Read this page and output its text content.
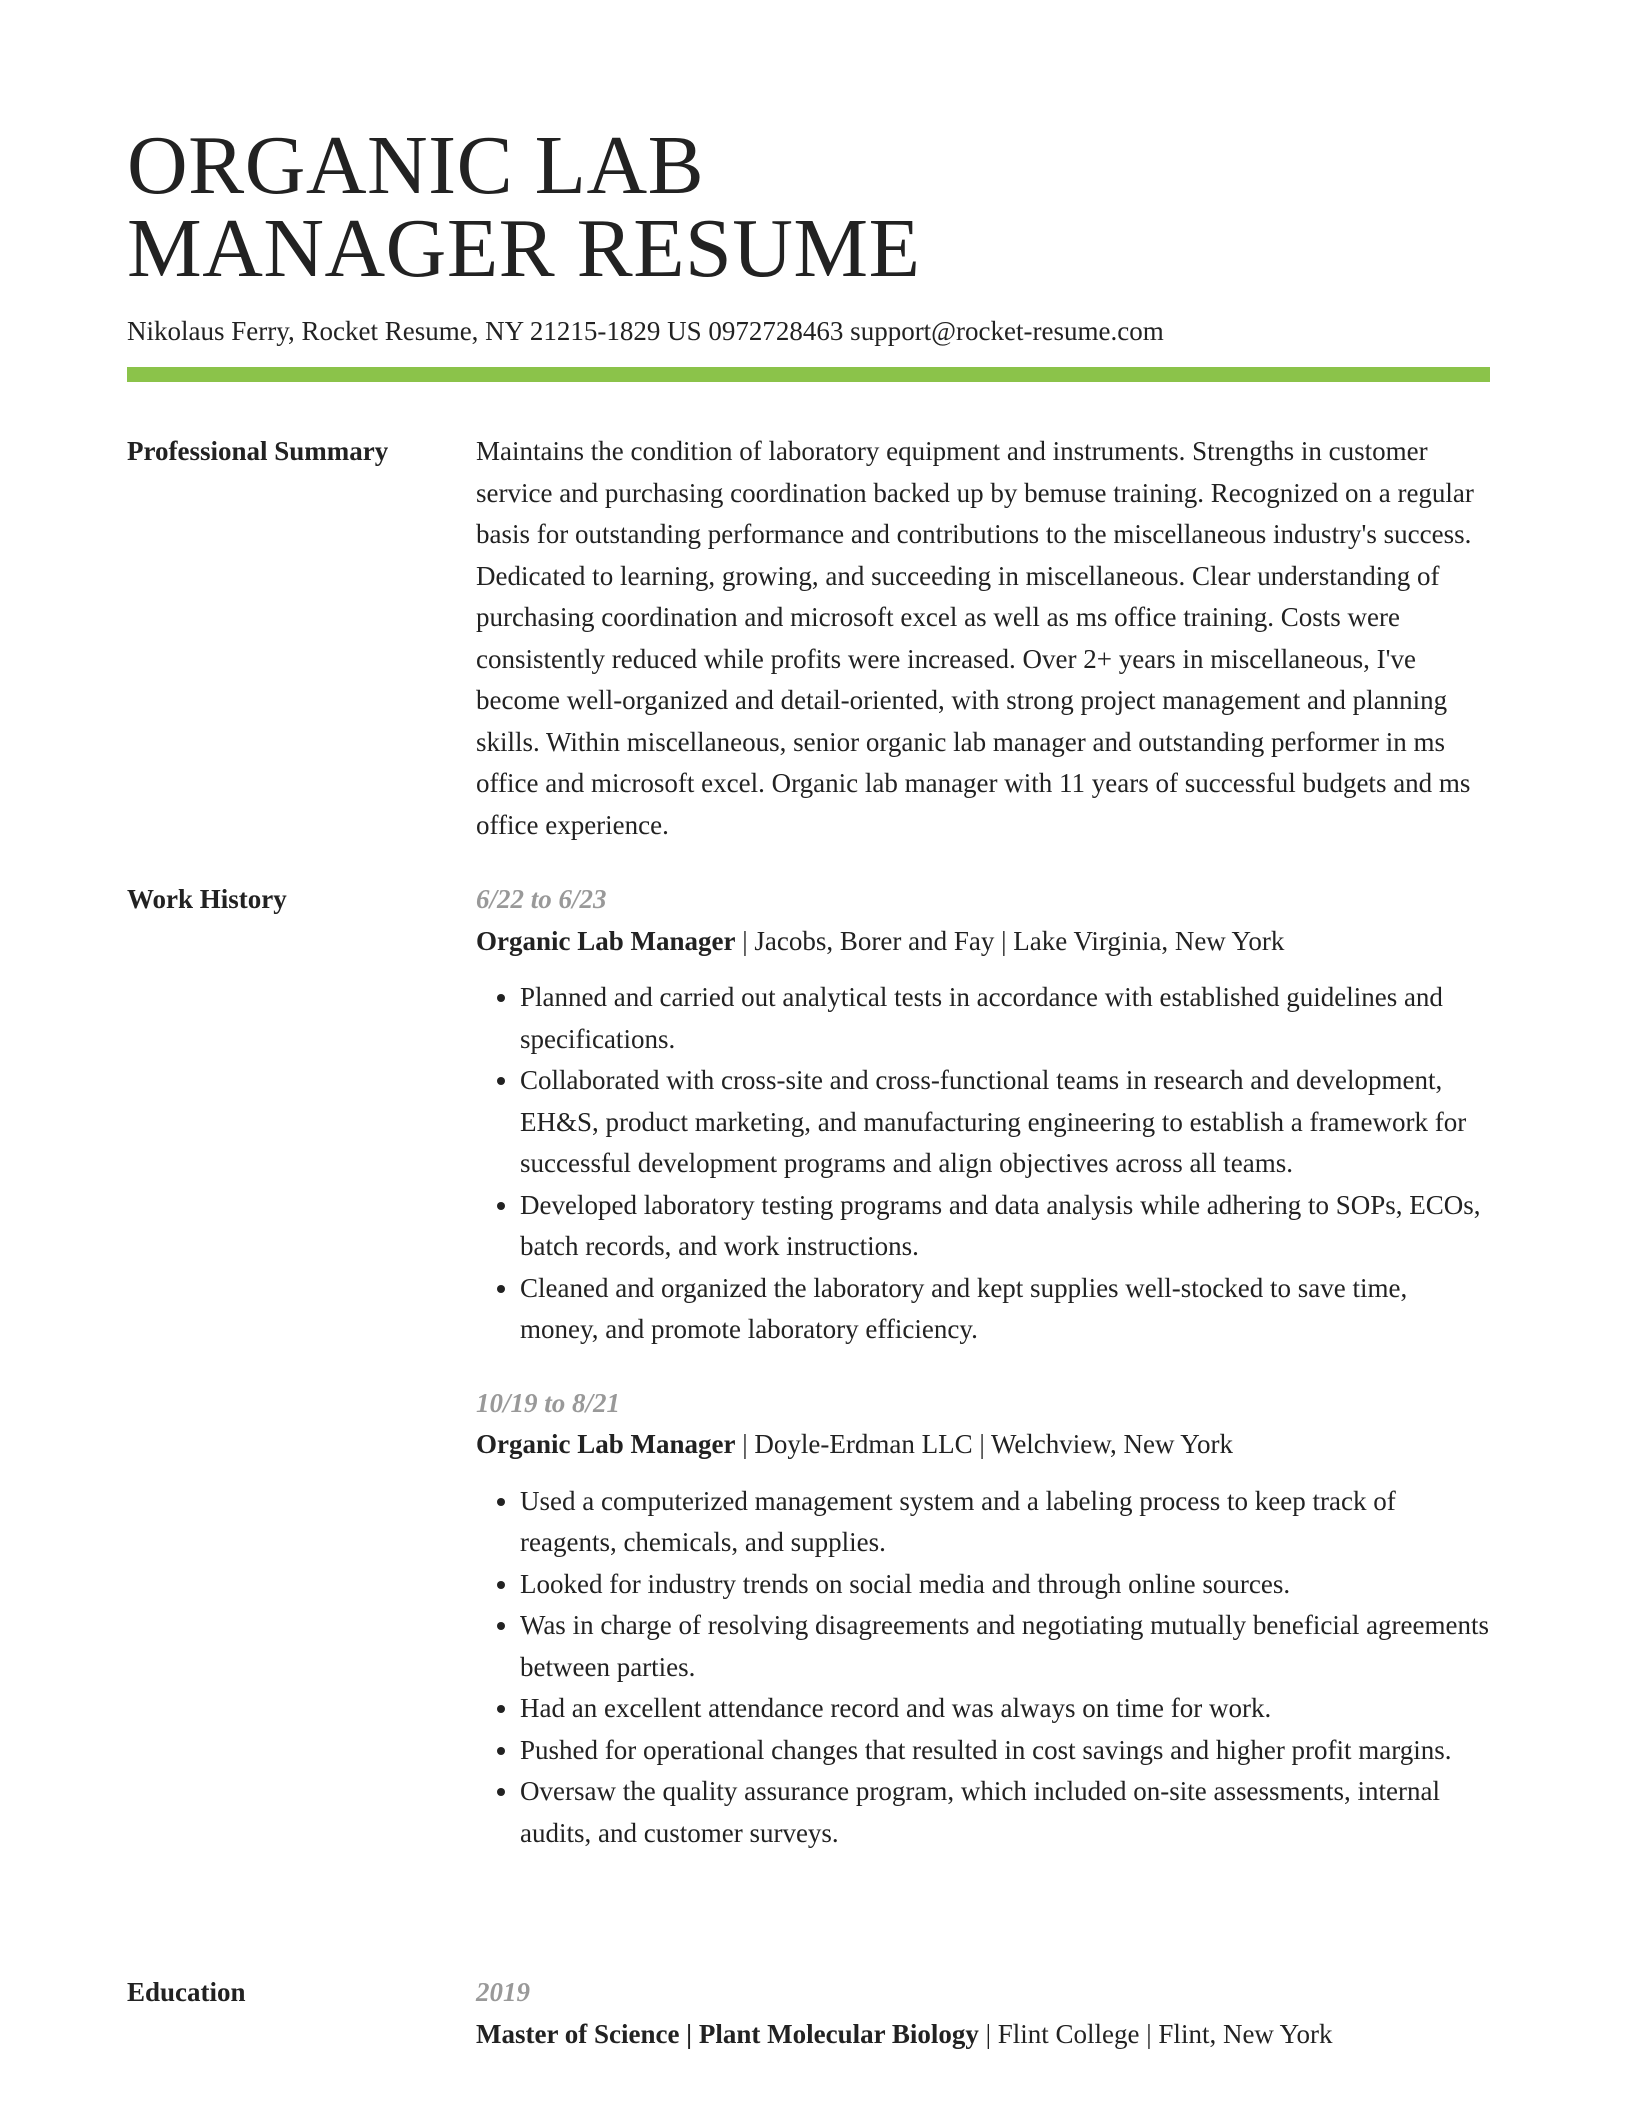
ORGANIC LAB
MANAGER RESUME
Nikolaus Ferry, Rocket Resume, NY 21215-1829 US 0972728463 support@rocket-resume.com
Professional Summary	Maintains the condition of laboratory equipment and instruments. Strengths in customer service and purchasing coordination backed up by bemuse training. Recognized on a regular basis for outstanding performance and contributions to the miscellaneous industry's success. Dedicated to learning, growing, and succeeding in miscellaneous. Clear understanding of purchasing coordination and microsoft excel as well as ms office training. Costs were consistently reduced while profits were increased. Over 2+ years in miscellaneous, I've become well-organized and detail-oriented, with strong project management and planning skills. Within miscellaneous, senior organic lab manager and outstanding performer in ms office and microsoft excel. Organic lab manager with 11 years of successful budgets and ms office experience.

Work History	6/22 to 6/23
Organic Lab Manager | Jacobs, Borer and Fay | Lake Virginia, New York
• Planned and carried out analytical tests in accordance with established guidelines and specifications.
• Collaborated with cross-site and cross-functional teams in research and development, EH&S, product marketing, and manufacturing engineering to establish a framework for successful development programs and align objectives across all teams.
• Developed laboratory testing programs and data analysis while adhering to SOPs, ECOs, batch records, and work instructions.
• Cleaned and organized the laboratory and kept supplies well-stocked to save time, money, and promote laboratory efficiency.
10/19 to 8/21
Organic Lab Manager | Doyle-Erdman LLC | Welchview, New York
• Used a computerized management system and a labeling process to keep track of reagents, chemicals, and supplies.
• Looked for industry trends on social media and through online sources.
• Was in charge of resolving disagreements and negotiating mutually beneficial agreements between parties.
• Had an excellent attendance record and was always on time for work.
• Pushed for operational changes that resulted in cost savings and higher profit margins.
• Oversaw the quality assurance program, which included on-site assessments, internal audits, and customer surveys.
Education	2019
Master of Science | Plant Molecular Biology | Flint College | Flint, New York
